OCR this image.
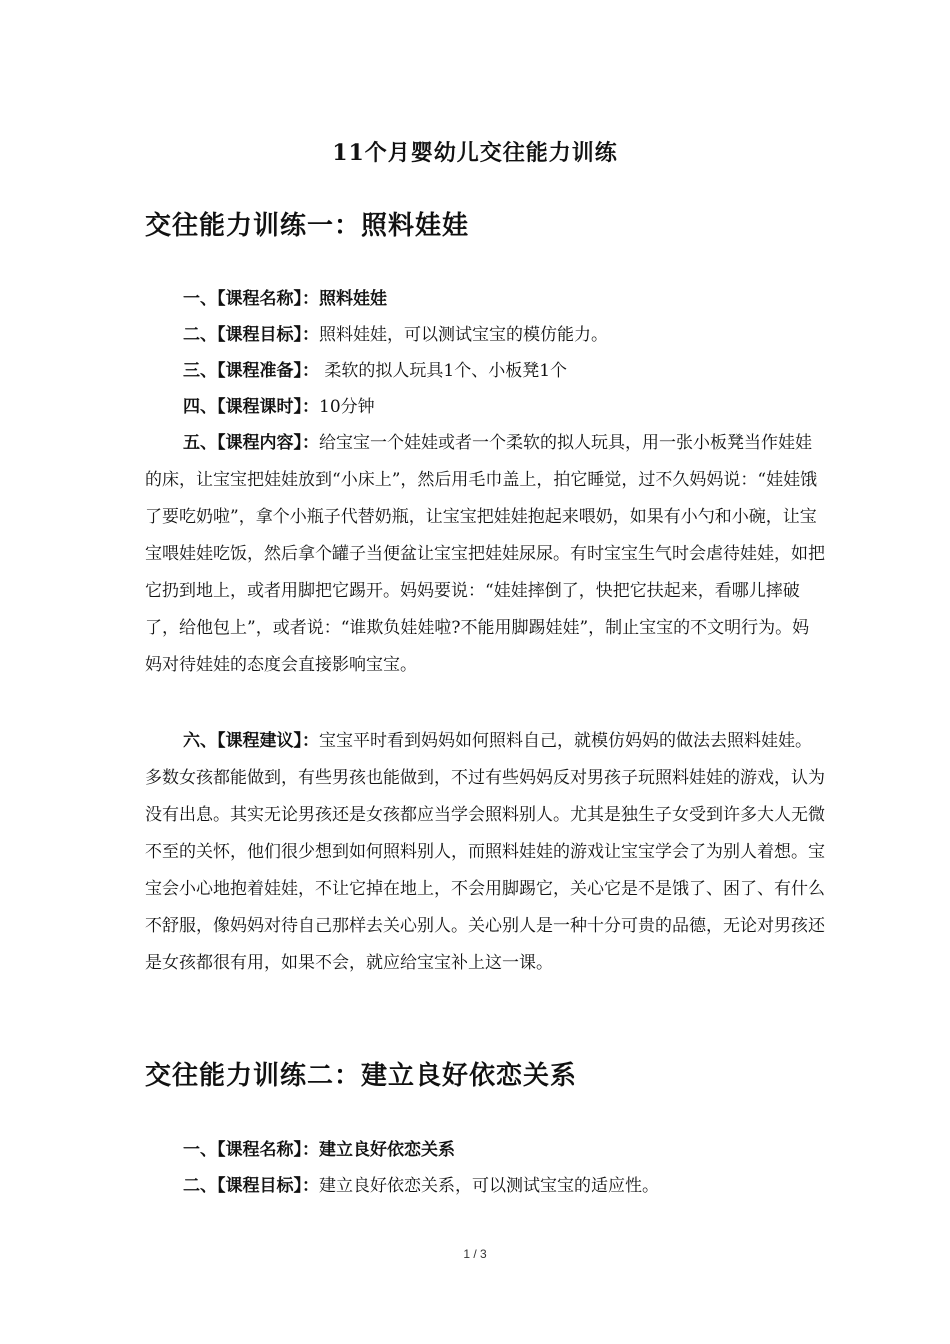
11个月婴幼儿交往能力训练
交往能力训练一：照料娃娃
一、【课程名称】：照料娃娃
二、【课程目标】：照料娃娃，可以测试宝宝的模仿能力。
三、【课程准备】： 柔软的拟人玩具1个、小板凳1个
四、【课程课时】：10分钟

五、【课程内容】：给宝宝一个娃娃或者一个柔软的拟人玩具，用一张小板凳当作娃娃的床，让宝宝把娃娃放到“小床上”，然后用毛巾盖上，拍它睡觉，过不久妈妈说：“娃娃饿了要吃奶啦”，拿个小瓶子代替奶瓶，让宝宝把娃娃抱起来喂奶，如果有小勺和小碗，让宝宝喂娃娃吃饭，然后拿个罐子当便盆让宝宝把娃娃尿尿。有时宝宝生气时会虐待娃娃，如把它扔到地上，或者用脚把它踢开。妈妈要说：“娃娃摔倒了，快把它扶起来，看哪儿摔破了，给他包上”，或者说：“谁欺负娃娃啦?不能用脚踢娃娃”，制止宝宝的不文明行为。妈妈对待娃娃的态度会直接影响宝宝。

六、【课程建议】：宝宝平时看到妈妈如何照料自己，就模仿妈妈的做法去照料娃娃。多数女孩都能做到，有些男孩也能做到，不过有些妈妈反对男孩子玩照料娃娃的游戏，认为没有出息。其实无论男孩还是女孩都应当学会照料别人。尤其是独生子女受到许多大人无微不至的关怀，他们很少想到如何照料别人，而照料娃娃的游戏让宝宝学会了为别人着想。宝宝会小心地抱着娃娃，不让它掉在地上，不会用脚踢它，关心它是不是饿了、困了、有什么不舒服，像妈妈对待自己那样去关心别人。关心别人是一种十分可贵的品德，无论对男孩还是女孩都很有用，如果不会，就应给宝宝补上这一课。

交往能力训练二：建立良好依恋关系
一、【课程名称】：建立良好依恋关系
二、【课程目标】：建立良好依恋关系，可以测试宝宝的适应性。
1 / 3
